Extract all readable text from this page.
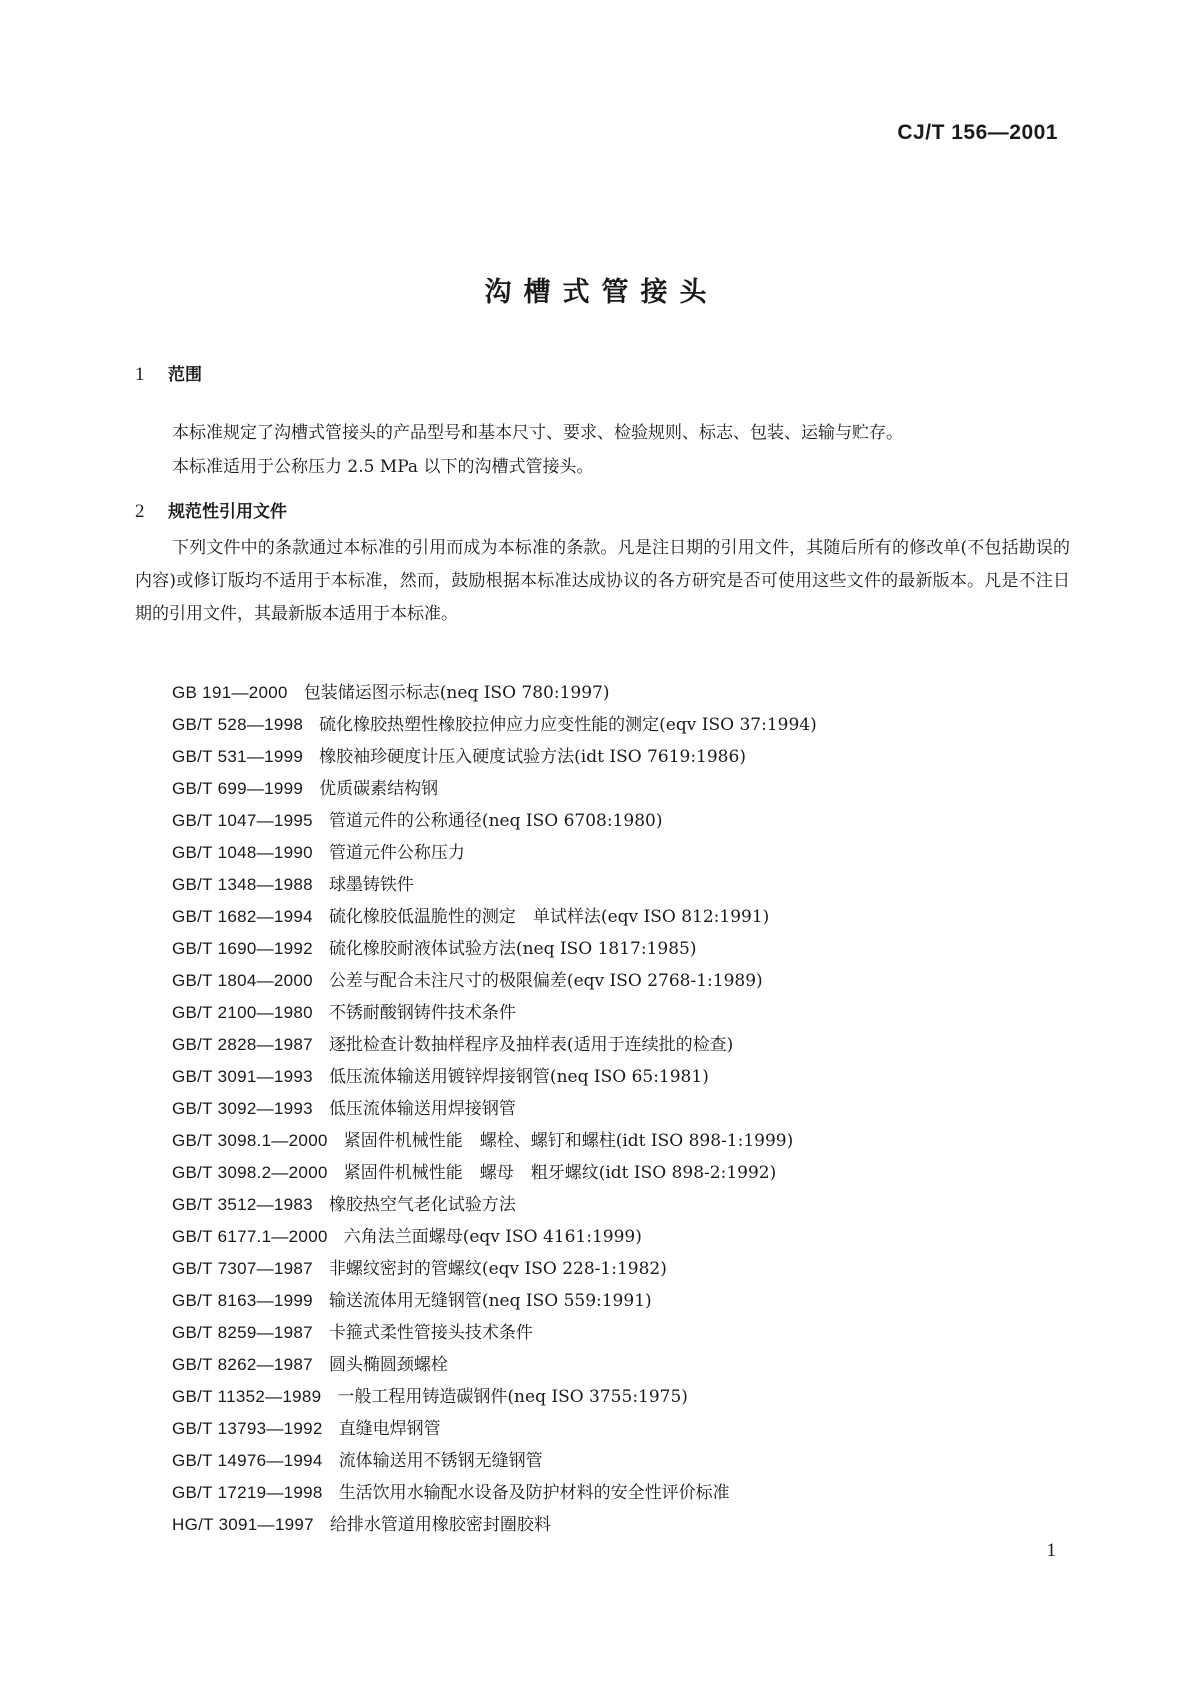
CJ/T 156—2001
沟槽式管接头
1 范围
本标准规定了沟槽式管接头的产品型号和基本尺寸、要求、检验规则、标志、包装、运输与贮存。
本标准适用于公称压力 2.5 MPa 以下的沟槽式管接头。
2 规范性引用文件

下列文件中的条款通过本标准的引用而成为本标准的条款。凡是注日期的引用文件，其随后所有的修改单(不包括勘误的内容)或修订版均不适用于本标准，然而，鼓励根据本标准达成协议的各方研究是否可使用这些文件的最新版本。凡是不注日期的引用文件，其最新版本适用于本标准。

GB 191—2000 包装储运图示标志(neq ISO 780:1997)
GB/T 528—1998 硫化橡胶热塑性橡胶拉伸应力应变性能的测定(eqv ISO 37:1994)
GB/T 531—1999 橡胶袖珍硬度计压入硬度试验方法(idt ISO 7619:1986)
GB/T 699—1999 优质碳素结构钢
GB/T 1047—1995 管道元件的公称通径(neq ISO 6708:1980)
GB/T 1048—1990 管道元件公称压力
GB/T 1348—1988 球墨铸铁件
GB/T 1682—1994 硫化橡胶低温脆性的测定　单试样法(eqv ISO 812:1991)
GB/T 1690—1992 硫化橡胶耐液体试验方法(neq ISO 1817:1985)
GB/T 1804—2000 公差与配合未注尺寸的极限偏差(eqv ISO 2768-1:1989)
GB/T 2100—1980 不锈耐酸钢铸件技术条件
GB/T 2828—1987 逐批检查计数抽样程序及抽样表(适用于连续批的检查)
GB/T 3091—1993 低压流体输送用镀锌焊接钢管(neq ISO 65:1981)
GB/T 3092—1993 低压流体输送用焊接钢管
GB/T 3098.1—2000 紧固件机械性能　螺栓、螺钉和螺柱(idt ISO 898-1:1999)
GB/T 3098.2—2000 紧固件机械性能　螺母　粗牙螺纹(idt ISO 898-2:1992)
GB/T 3512—1983 橡胶热空气老化试验方法
GB/T 6177.1—2000 六角法兰面螺母(eqv ISO 4161:1999)
GB/T 7307—1987 非螺纹密封的管螺纹(eqv ISO 228-1:1982)
GB/T 8163—1999 输送流体用无缝钢管(neq ISO 559:1991)
GB/T 8259—1987 卡箍式柔性管接头技术条件
GB/T 8262—1987 圆头椭圆颈螺栓
GB/T 11352—1989 一般工程用铸造碳钢件(neq ISO 3755:1975)
GB/T 13793—1992 直缝电焊钢管
GB/T 14976—1994 流体输送用不锈钢无缝钢管
GB/T 17219—1998 生活饮用水输配水设备及防护材料的安全性评价标准
HG/T 3091—1997 给排水管道用橡胶密封圈胶料
1
